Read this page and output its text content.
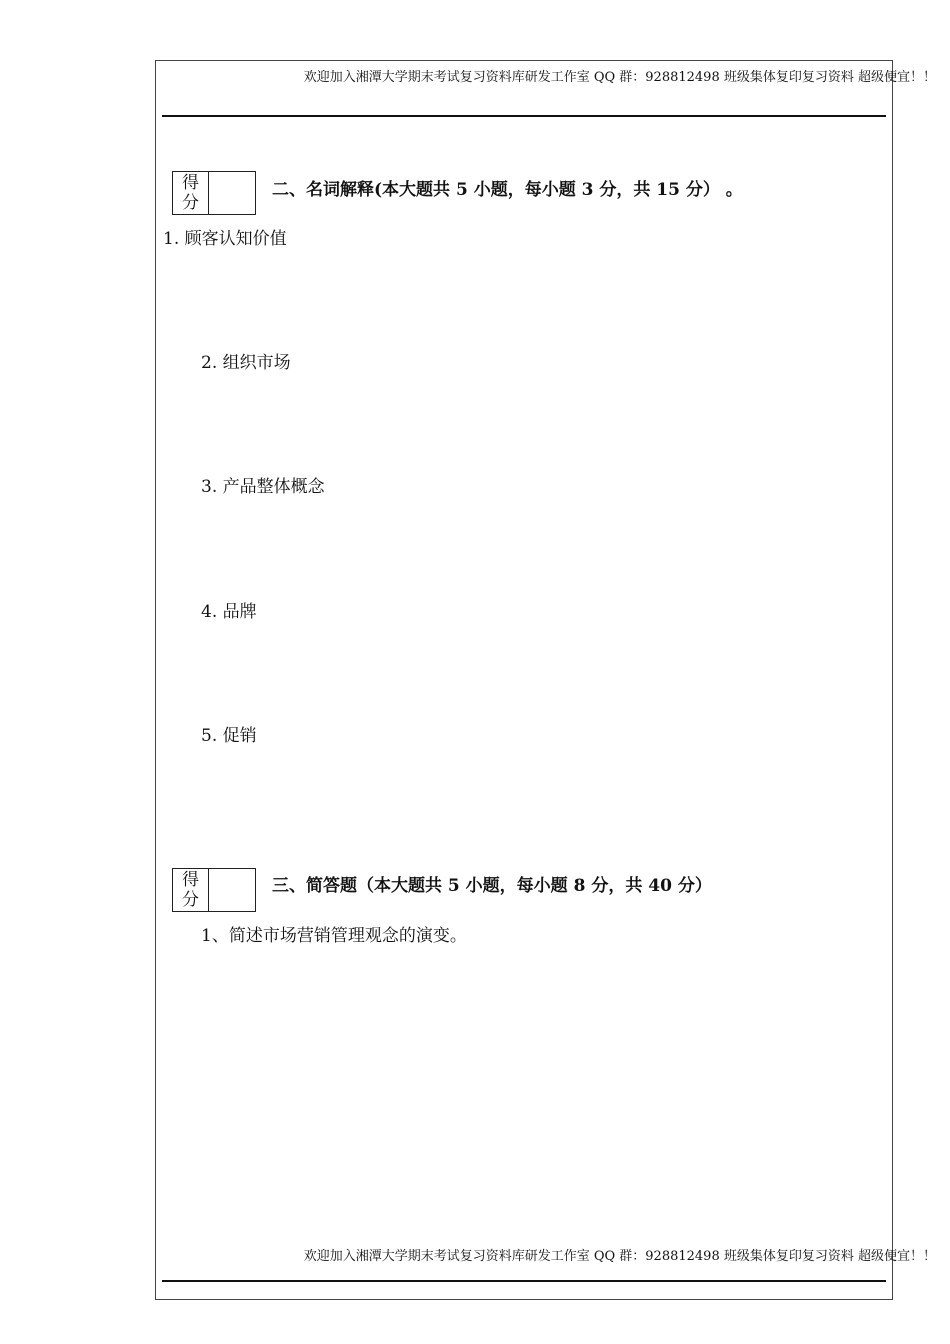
欢迎加入湘潭大学期末考试复习资料库研发工作室 QQ 群：928812498 班级集体复印复习资料 超级便宜！！
得
分
二、名词解释(本大题共 5 小题，每小题 3 分，共 15 分） 。
1. 顾客认知价值
2. 组织市场
3. 产品整体概念
4. 品牌
5. 促销
得
分
三、简答题（本大题共 5 小题，每小题 8 分，共 40 分）
1、简述市场营销管理观念的演变。
欢迎加入湘潭大学期末考试复习资料库研发工作室 QQ 群：928812498 班级集体复印复习资料 超级便宜！！
